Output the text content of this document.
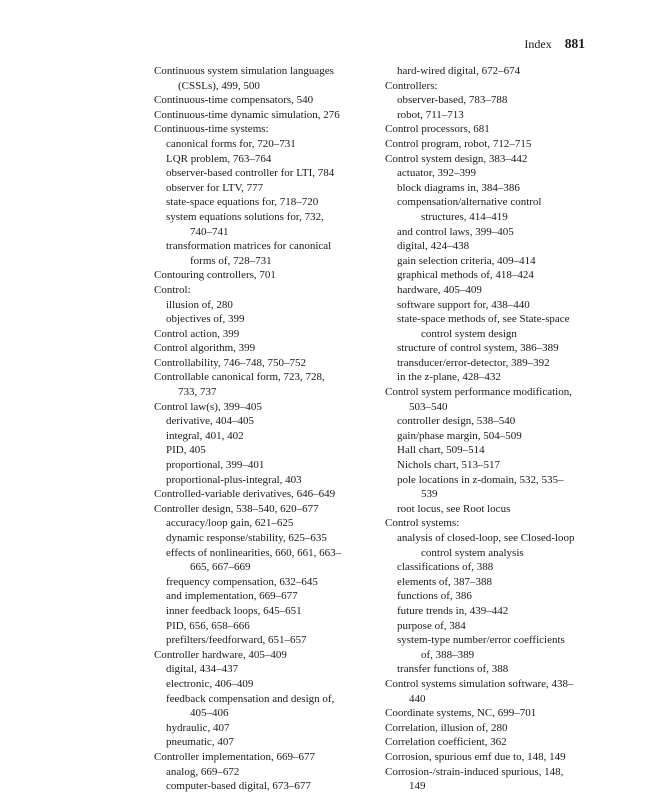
Index 881
Continuous system simulation languages
(CSSLs), 499, 500
Continuous-time compensators, 540
Continuous-time dynamic simulation, 276
Continuous-time systems:
canonical forms for, 720–731
LQR problem, 763–764
observer-based controller for LTI, 784
observer for LTV, 777
state-space equations for, 718–720
system equations solutions for, 732,
740–741
transformation matrices for canonical
forms of, 728–731
Contouring controllers, 701
Control:
illusion of, 280
objectives of, 399
Control action, 399
Control algorithm, 399
Controllability, 746–748, 750–752
Controllable canonical form, 723, 728,
733, 737
Control law(s), 399–405
derivative, 404–405
integral, 401, 402
PID, 405
proportional, 399–401
proportional-plus-integral, 403
Controlled-variable derivatives, 646–649
Controller design, 538–540, 620–677
accuracy/loop gain, 621–625
dynamic response/stability, 625–635
effects of nonlinearities, 660, 661, 663–
665, 667–669
frequency compensation, 632–645
and implementation, 669–677
inner feedback loops, 645–651
PID, 656, 658–666
prefilters/feedforward, 651–657
Controller hardware, 405–409
digital, 434–437
electronic, 406–409
feedback compensation and design of,
405–406
hydraulic, 407
pneumatic, 407
Controller implementation, 669–677
analog, 669–672
computer-based digital, 673–677
hard-wired digital, 672–674
Controllers:
observer-based, 783–788
robot, 711–713
Control processors, 681
Control program, robot, 712–715
Control system design, 383–442
actuator, 392–399
block diagrams in, 384–386
compensation/alternative control
structures, 414–419
and control laws, 399–405
digital, 424–438
gain selection criteria, 409–414
graphical methods of, 418–424
hardware, 405–409
software support for, 438–440
state-space methods of, see State-space
control system design
structure of control system, 386–389
transducer/error-detector, 389–392
in the z-plane, 428–432
Control system performance modification,
503–540
controller design, 538–540
gain/phase margin, 504–509
Hall chart, 509–514
Nichols chart, 513–517
pole locations in z-domain, 532, 535–
539
root locus, see Root locus
Control systems:
analysis of closed-loop, see Closed-loop
control system analysis
classifications of, 388
elements of, 387–388
functions of, 386
future trends in, 439–442
purpose of, 384
system-type number/error coefficients
of, 388–389
transfer functions of, 388
Control systems simulation software, 438–
440
Coordinate systems, NC, 699–701
Correlation, illusion of, 280
Correlation coefficient, 362
Corrosion, spurious emf due to, 148, 149
Corrosion-/strain-induced spurious, 148,
149
